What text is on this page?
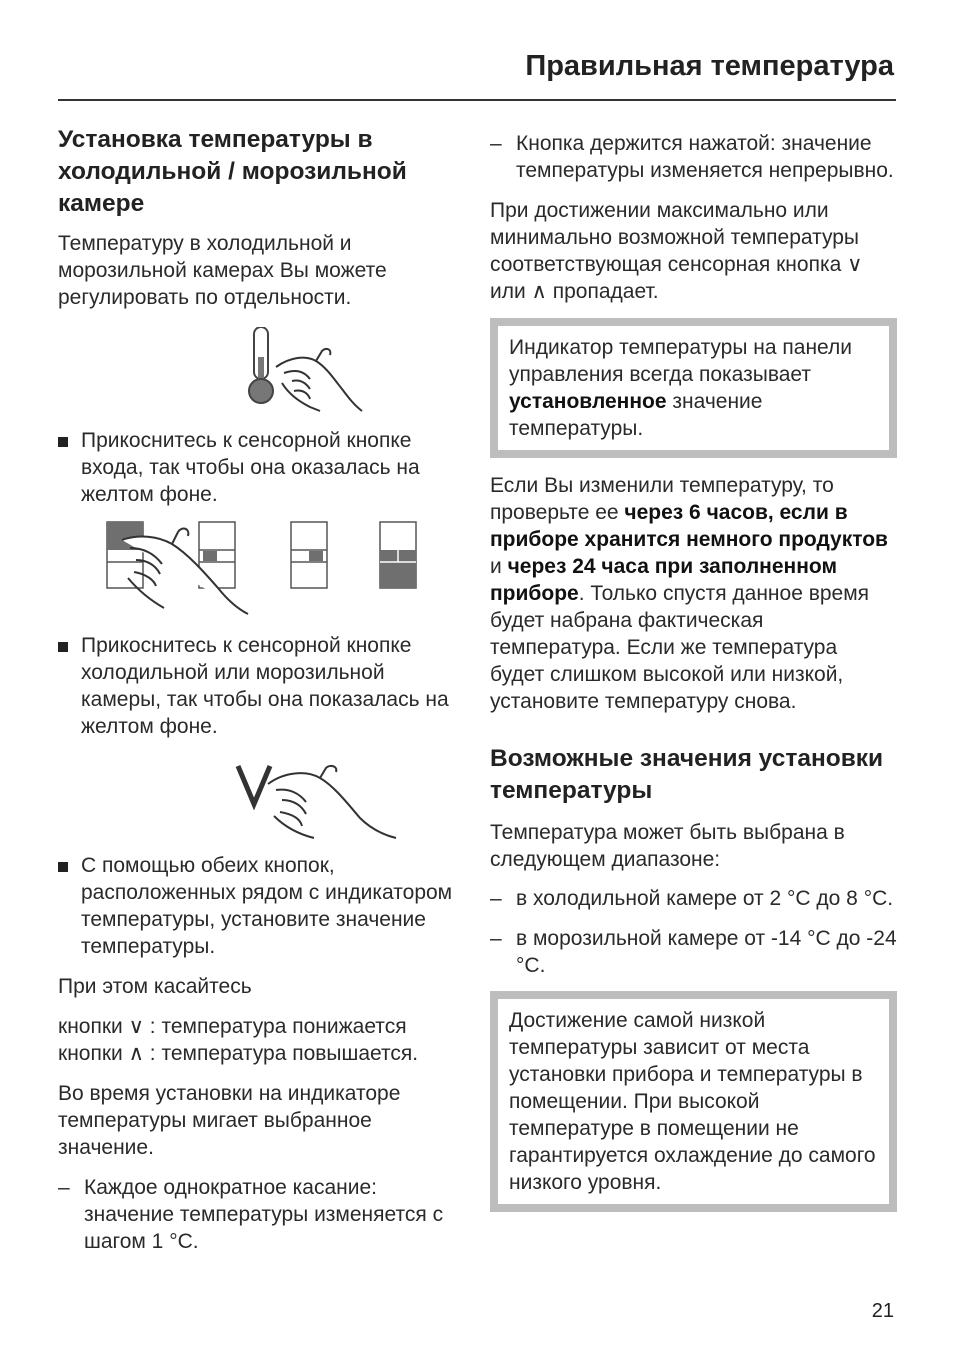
Правильная температура
Установка температуры в холодильной / морозильной камере

Температуру в холодильной и морозильной камерах Вы можете регулировать по отдельности.

Прикоснитесь к сенсорной кнопке входа, так чтобы она оказалась на желтом фоне.
Прикоснитесь к сенсорной кнопке холодильной или морозильной камеры, так чтобы она показалась на желтом фоне.
С помощью обеих кнопок, расположенных рядом с индикатором температуры, установите значение температуры.

При этом касайтесь

кнопки ∨ : температура понижается

кнопки ∧ : температура повышается.

Во время установки на индикаторе температуры мигает выбранное значение.

– Каждое однократное касание: значение температуры изменяется с шагом 1 °C.
– Кнопка держится нажатой: значение температуры изменяется непрерывно.

При достижении максимально или минимально возможной температуры соответствующая сенсорная кнопка ∨ или ∧ пропадает.

Индикатор температуры на панели управления всегда показывает установленное значение температуры.

Если Вы изменили температуру, то проверьте ее через 6 часов, если в приборе хранится немного продуктов и через 24 часа при заполненном приборе. Только спустя данное время будет набрана фактическая температура. Если же температура будет слишком высокой или низкой, установите температуру снова.

Возможные значения установки температуры

Температура может быть выбрана в следующем диапазоне:

– в холодильной камере от 2 °C до 8 °C.
– в морозильной камере от -14 °C до -24 °C.
Достижение самой низкой температуры зависит от места установки прибора и температуры в помещении. При высокой температуре в помещении не гарантируется охлаждение до самого низкого уровня.
21
